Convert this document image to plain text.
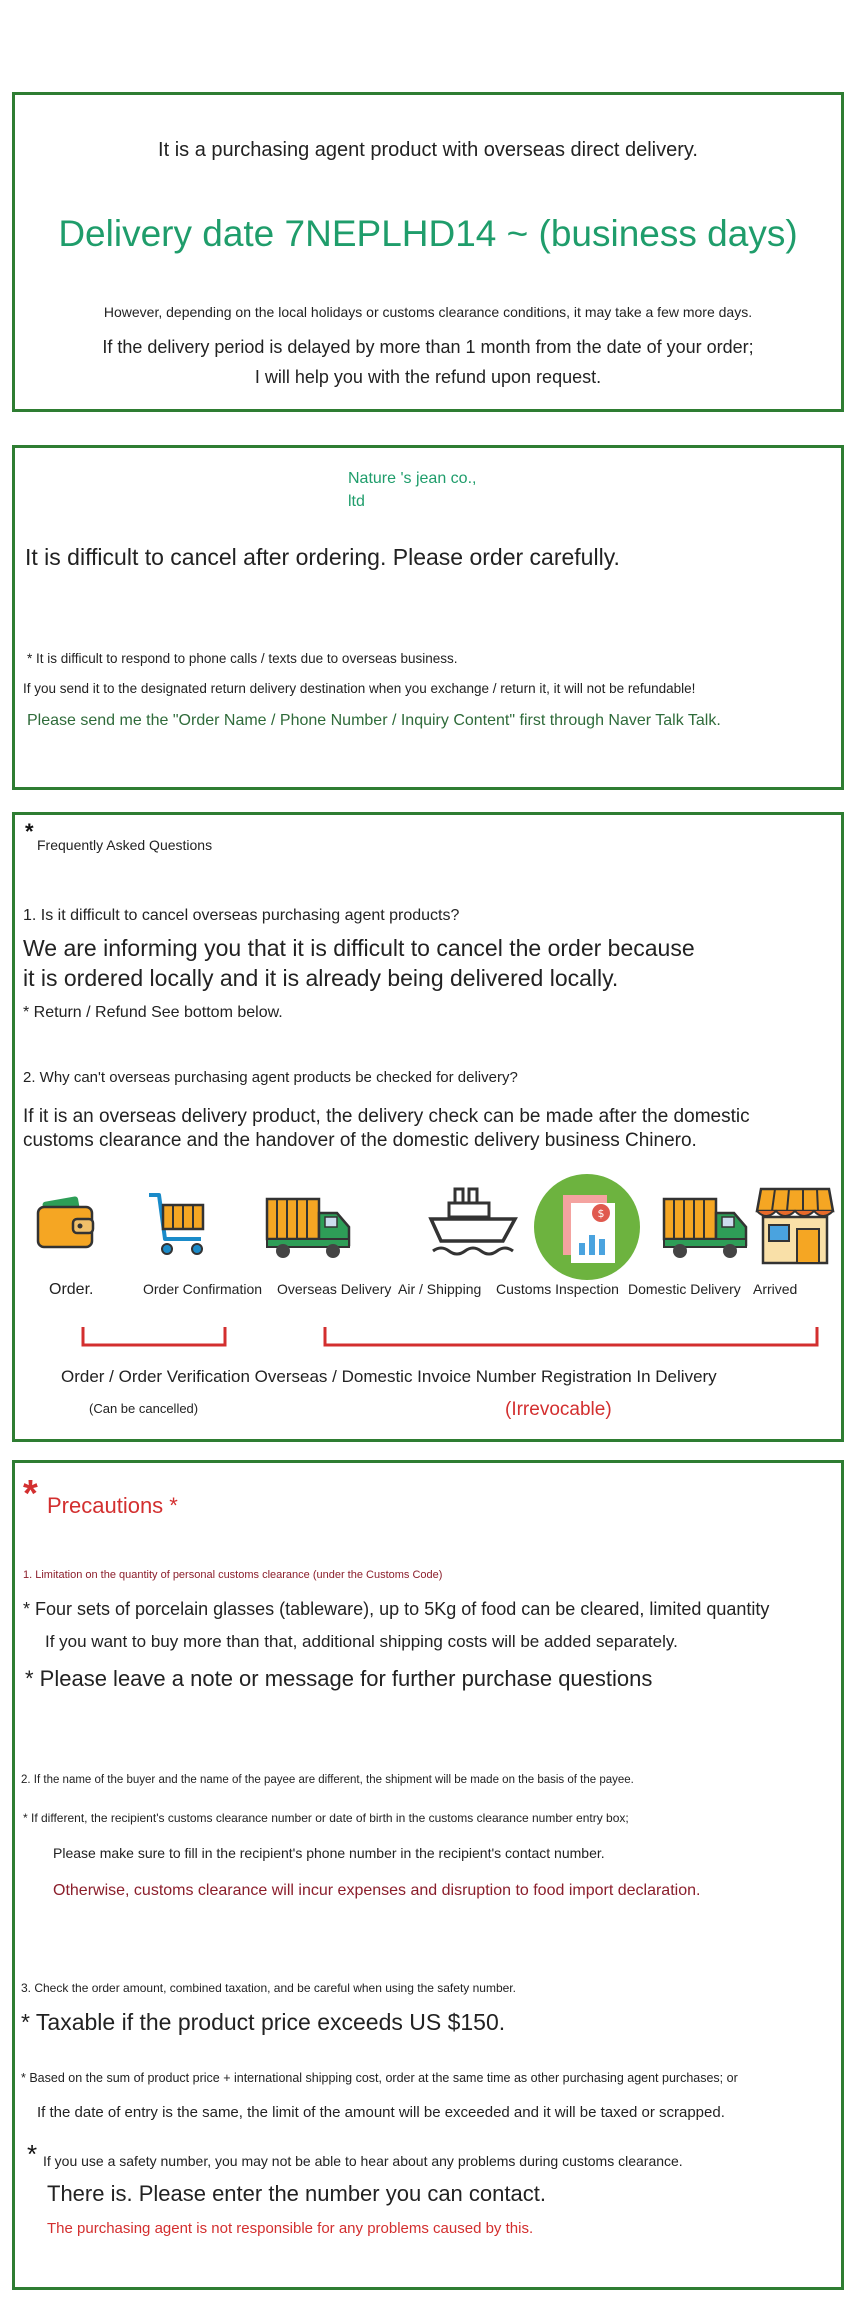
It is a purchasing agent product with overseas direct delivery.
Delivery date 7NEPLHD14 ~ (business days)
However, depending on the local holidays or customs clearance conditions, it may take a few more days.
If the delivery period is delayed by more than 1 month from the date of your order;
I will help you with the refund upon request.
Nature 's jean co.,
ltd
It is difficult to cancel after ordering. Please order carefully.
* It is difficult to respond to phone calls / texts due to overseas business.
If you send it to the designated return delivery destination when you exchange / return it, it will not be refundable!
Please send me the "Order Name / Phone Number / Inquiry Content" first through Naver Talk Talk.
*
Frequently Asked Questions
1. Is it difficult to cancel overseas purchasing agent products?
We are informing you that it is difficult to cancel the order because
it is ordered locally and it is already being delivered locally.
* Return / Refund See bottom below.
2. Why can't overseas purchasing agent products be checked for delivery?
If it is an overseas delivery product, the delivery check can be made after the domestic
customs clearance and the handover of the domestic delivery business Chinero.
$
Order.	Order Confirmation Overseas Delivery Air / Shipping Customs Inspection Domestic Delivery Arrived
Order / Order Verification Overseas / Domestic Invoice Number Registration In Delivery
(Can be cancelled)	(Irrevocable)
* Precautions *
1. Limitation on the quantity of personal customs clearance (under the Customs Code)
* Four sets of porcelain glasses (tableware), up to 5Kg of food can be cleared, limited quantity
If you want to buy more than that, additional shipping costs will be added separately.
* Please leave a note or message for further purchase questions
2. If the name of the buyer and the name of the payee are different, the shipment will be made on the basis of the payee.
* If different, the recipient's customs clearance number or date of birth in the customs clearance number entry box;
Please make sure to fill in the recipient's phone number in the recipient's contact number.
Otherwise, customs clearance will incur expenses and disruption to food import declaration.
3. Check the order amount, combined taxation, and be careful when using the safety number.
* Taxable if the product price exceeds US $150.
* Based on the sum of product price + international shipping cost, order at the same time as other purchasing agent purchases; or
If the date of entry is the same, the limit of the amount will be exceeded and it will be taxed or scrapped.
* If you use a safety number, you may not be able to hear about any problems during customs clearance.
There is. Please enter the number you can contact.
The purchasing agent is not responsible for any problems caused by this.
